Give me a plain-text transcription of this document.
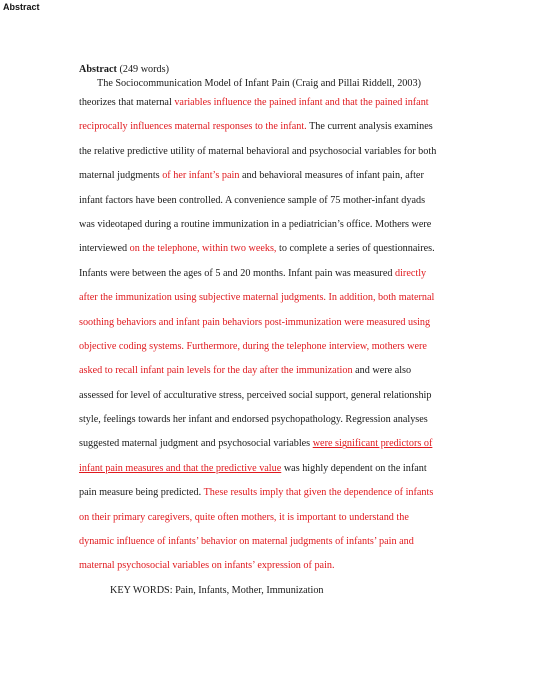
Abstract
Abstract (249 words)
The Sociocommunication Model of Infant Pain (Craig and Pillai Riddell, 2003)
theorizes that maternal variables influence the pained infant and that the pained infant
reciprocally influences maternal responses to the infant. The current analysis examines
the relative predictive utility of maternal behavioral and psychosocial variables for both
maternal judgments of her infant’s pain and behavioral measures of infant pain, after
infant factors have been controlled. A convenience sample of 75 mother-infant dyads
was videotaped during a routine immunization in a pediatrician’s office. Mothers were
interviewed on the telephone, within two weeks, to complete a series of questionnaires.
Infants were between the ages of 5 and 20 months. Infant pain was measured directly
after the immunization using subjective maternal judgments. In addition, both maternal
soothing behaviors and infant pain behaviors post-immunization were measured using
objective coding systems. Furthermore, during the telephone interview, mothers were
asked to recall infant pain levels for the day after the immunization and were also
assessed for level of acculturative stress, perceived social support, general relationship
style, feelings towards her infant and endorsed psychopathology. Regression analyses
suggested maternal judgment and psychosocial variables were significant predictors of
infant pain measures and that the predictive value was highly dependent on the infant
pain measure being predicted. These results imply that given the dependence of infants
on their primary caregivers, quite often mothers, it is important to understand the
dynamic influence of infants’ behavior on maternal judgments of infants’ pain and
maternal psychosocial variables on infants’ expression of pain.
KEY WORDS: Pain, Infants, Mother, Immunization
